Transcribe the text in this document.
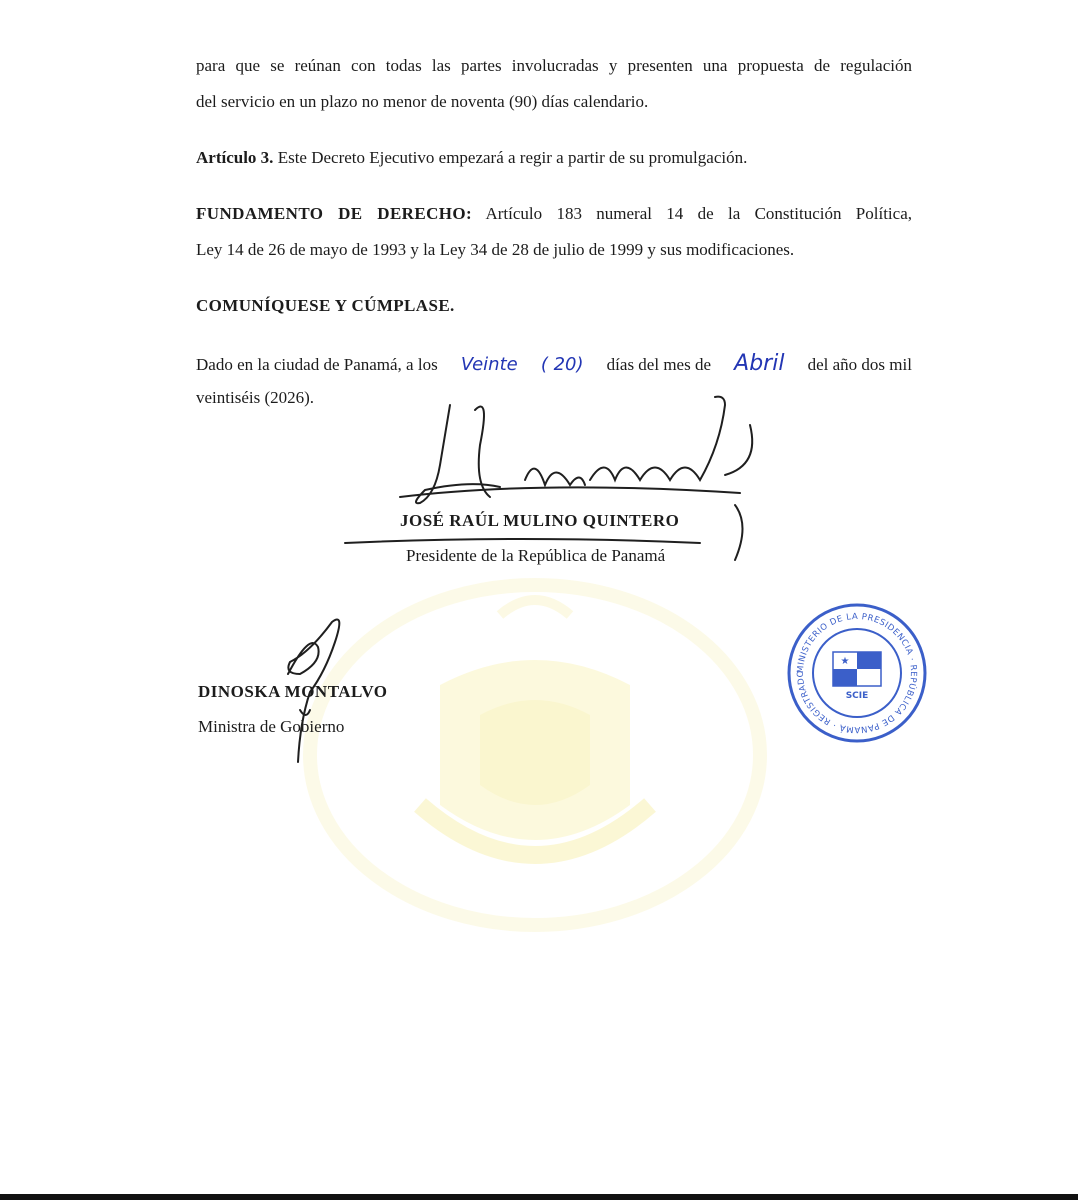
para que se reúnan con todas las partes involucradas y presenten una propuesta de regulación
del servicio en un plazo no menor de noventa (90) días calendario.
Artículo 3. Este Decreto Ejecutivo empezará a regir a partir de su promulgación.
FUNDAMENTO DE DERECHO: Artículo 183 numeral 14 de la Constitución Política,
Ley 14 de 26 de mayo de 1993 y la Ley 34 de 28 de julio de 1999 y sus modificaciones.
COMUNÍQUESE Y CÚMPLASE.
Dado en la ciudad de Panamá, a los Veinte ( 20) días del mes de Abril del año dos mil
veintiséis (2026).
JOSÉ RAÚL MULINO QUINTERO
Presidente de la República de Panamá
DINOSKA MONTALVO
Ministra de Gobierno
MINISTERIO DE LA PRESIDENCIA · REPÚBLICA DE PANAMÁ · REGISTRADO
★
★
SCIE
